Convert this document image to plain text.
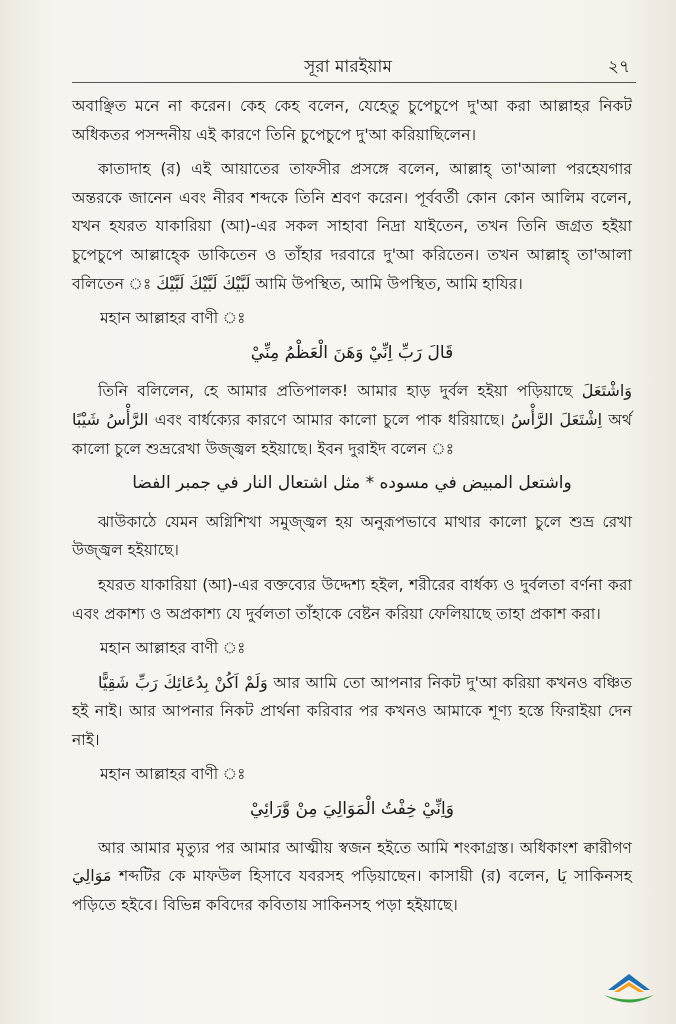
সূরা মারইয়াম	২৭

অবাঞ্ছিত মনে না করেন। কেহ কেহ বলেন, যেহেতু চুপেচুপে দু'আ করা আল্লাহর নিকট অধিকতর পসন্দনীয় এই কারণে তিনি চুপেচুপে দু'আ করিয়াছিলেন।

কাতাদাহ (র) এই আয়াতের তাফসীর প্রসঙ্গে বলেন, আল্লাহ্ তা'আলা পরহেযগার অন্তরকে জানেন এবং নীরব শব্দকে তিনি শ্রবণ করেন। পূর্ববর্তী কোন কোন আলিম বলেন, যখন হযরত যাকারিয়া (আ)-এর সকল সাহাবা নিদ্রা যাইতেন, তখন তিনি জগ্রত হইয়া চুপেচুপে আল্লাহ্কে ডাকিতেন ও তাঁহার দরবারে দু'আ করিতেন। তখন আল্লাহ্ তা'আলা বলিতেন ঃ لَبَّيْكَ لَبَّيْكَ لَبَّيْكَ আমি উপস্থিত, আমি উপস্থিত, আমি হাযির।

মহান আল্লাহর বাণী ঃ

قَالَ رَبِّ اِنِّيْ وَهَنَ الْعَظْمُ مِنِّيْ

তিনি বলিলেন, হে আমার প্রতিপালক! আমার হাড় দুর্বল হইয়া পড়িয়াছে وَاشْتَعَلَ الرَّأْسُ شَيْبًا এবং বার্ধক্যের কারণে আমার কালো চুলে পাক ধরিয়াছে। اِشْتَعَلَ الرَّأْسُ অর্থ কালো চুলে শুভ্ররেখা উজ্জ্বল হইয়াছে। ইবন দুরাইদ বলেন ঃ

واشتعل المبيض في مسوده * مثل اشتعال النار في جمبر الفضا

ঝাউকাঠে যেমন অগ্নিশিখা সমুজ্জ্বল হয় অনুরূপভাবে মাথার কালো চুলে শুভ্র রেখা উজ্জ্বল হইয়াছে।

হযরত যাকারিয়া (আ)-এর বক্তব্যের উদ্দেশ্য হইল, শরীরের বার্ধক্য ও দুর্বলতা বর্ণনা করা এবং প্রকাশ্য ও অপ্রকাশ্য যে দুর্বলতা তাঁহাকে বেষ্টন করিয়া ফেলিয়াছে তাহা প্রকাশ করা।

মহান আল্লাহর বাণী ঃ

وَلَمْ اَكُنْ بِدُعَائِكَ رَبِّ شَقِيًّا আর আমি তো আপনার নিকট দু'আ করিয়া কখনও বঞ্চিত হই নাই। আর আপনার নিকট প্রার্থনা করিবার পর কখনও আমাকে শূণ্য হস্তে ফিরাইয়া দেন নাই।

মহান আল্লাহর বাণী ঃ

وَاِنِّيْ خِفْتُ الْمَوَالِيَ مِنْ وَّرَائِيْ

আর আমার মৃত্যুর পর আমার আত্মীয় স্বজন হইতে আমি শংকাগ্রস্ত। অধিকাংশ ক্বারীগণ مَوَالِيَ শব্দটির কে মাফউল হিসাবে যবরসহ পড়িয়াছেন। কাসায়ী (র) বলেন, يَا সাকিনসহ পড়িতে হইবে। বিভিন্ন কবিদের কবিতায় সাকিনসহ পড়া হইয়াছে।
